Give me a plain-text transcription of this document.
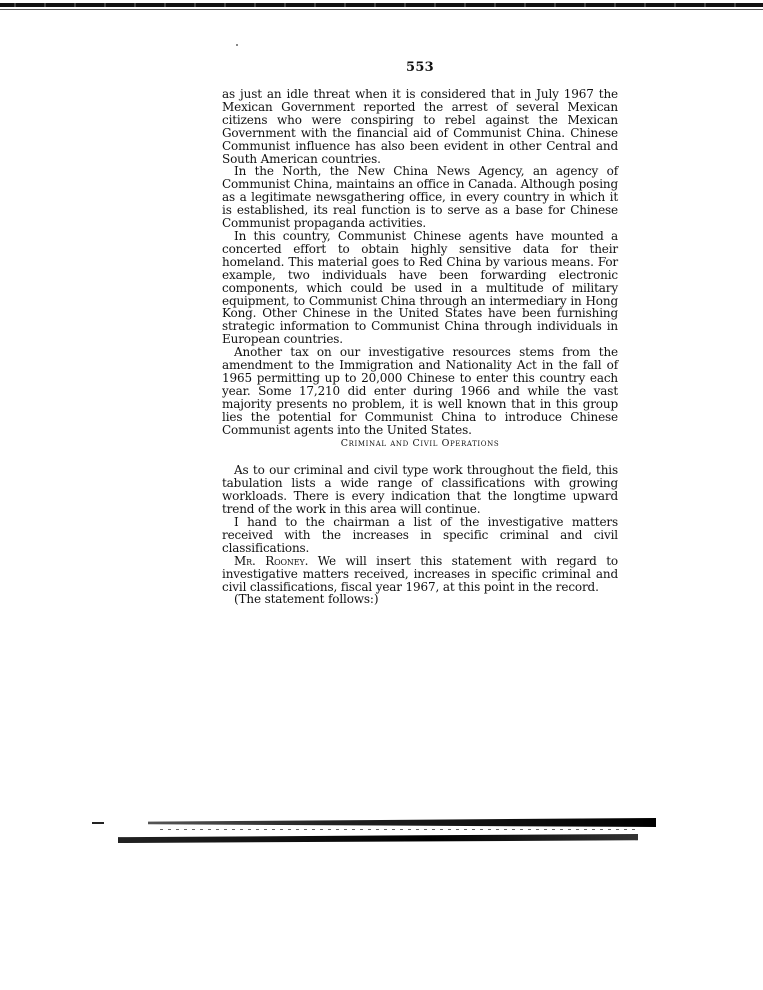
553

as just an idle threat when it is considered that in July 1967 the Mexican Government reported the arrest of several Mexican citizens who were conspiring to rebel against the Mexican Government with the financial aid of Communist China. Chinese Communist influence has also been evident in other Central and South American countries.

In the North, the New China News Agency, an agency of Communist China, maintains an office in Canada. Although posing as a legitimate newsgathering office, in every country in which it is established, its real function is to serve as a base for Chinese Communist propaganda activities.

In this country, Communist Chinese agents have mounted a concerted effort to obtain highly sensitive data for their homeland. This material goes to Red China by various means. For example, two individuals have been forwarding electronic components, which could be used in a multitude of military equipment, to Communist China through an intermediary in Hong Kong. Other Chinese in the United States have been furnishing strategic information to Communist China through individuals in European countries.

Another tax on our investigative resources stems from the amendment to the Immigration and Nationality Act in the fall of 1965 permitting up to 20,000 Chinese to enter this country each year. Some 17,210 did enter during 1966 and while the vast majority presents no problem, it is well known that in this group lies the potential for Communist China to introduce Chinese Communist agents into the United States.

Criminal and Civil Operations

As to our criminal and civil type work throughout the field, this tabulation lists a wide range of classifications with growing workloads. There is every indication that the longtime upward trend of the work in this area will continue.

I hand to the chairman a list of the investigative matters received with the increases in specific criminal and civil classifications.

Mr. Rooney. We will insert this statement with regard to investigative matters received, increases in specific criminal and civil classifications, fiscal year 1967, at this point in the record.

(The statement follows:)
